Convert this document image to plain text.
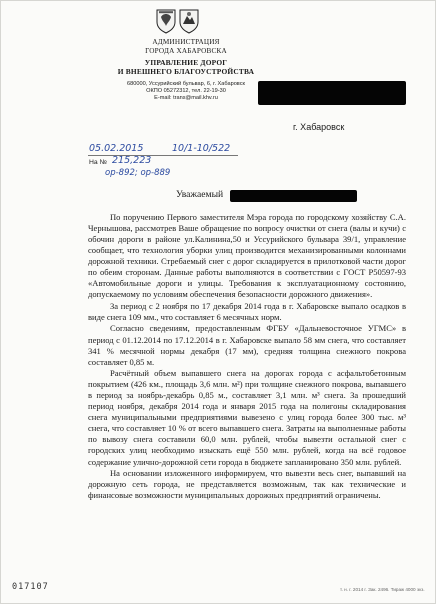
АДМИНИСТРАЦИЯ
ГОРОДА ХАБАРОВСКА
УПРАВЛЕНИЕ ДОРОГ
И ВНЕШНЕГО БЛАГОУСТРОЙСТВА
680000, Уссурийский бульвар, 6, г. Хабаровск
ОКПО 05272312, тел. 22-19-30
E-mail: trans@mail.khv.ru
г. Хабаровск
05.02.2015	10/1-10/522
На № 215,223
ор-892; ор-889
Уважаемый

По поручению Первого заместителя Мэра города по городскому хозяйству С.А. Чернышова, рассмотрев Ваше обращение по вопросу очистки от снега (валы и кучи) с обочин дороги в районе ул.Калинина,50 и Уссурийского бульвара 39/1, управление сообщает, что технология уборки улиц производится механизированными колоннами дорожной техники. Стребаемый снег с дорог складируется в прилотковой части дорог по обеим сторонам. Данные работы выполняются в соответствии с ГОСТ Р50597-93 «Автомобильные дороги и улицы. Требования к эксплуатационному состоянию, допускаемому по условиям обеспечения безопасности дорожного движения».

За период с 2 ноября по 17 декабря 2014 года в г. Хабаровске выпало осадков в виде снега 109 мм., что составляет 6 месячных норм.

Согласно сведениям, предоставленным ФГБУ «Дальневосточное УГМС» в период с 01.12.2014 по 17.12.2014 в г. Хабаровске выпало 58 мм снега, что составляет 341 % месячной нормы декабря (17 мм), средняя толщина снежного покрова составляет 0,85 м.

Расчётный объем выпавшего снега на дорогах города с асфальтобетонным покрытием (426 км., площадь 3,6 млн. м²) при толщине снежного покрова, выпавшего в период за ноябрь-декабрь 0,85 м., составляет 3,1 млн. м³ снега. За прошедший период ноября, декабря 2014 года и января 2015 года на полигоны складирования снега муниципальными предприятиями вывезено с улиц города более 300 тыс. м³ снега, что составляет 10 % от всего выпавшего снега. Затраты на выполненные работы по вывозу снега составили 60,0 млн. рублей, чтобы вывезти остальной снег с городских улиц необходимо изыскать ещё 550 млн. рублей, когда на всё годовое содержание улично-дорожной сети города в бюджете запланировано 350 млн. рублей.

На основании изложенного информируем, что вывезти весь снег, выпавший на дорожную сеть города, не представляется возможным, так как технические и финансовые возможности муниципальных дорожных предприятий ограничены.

017107	т. н. г. 2014 г. Зак. 2496. Тираж 4000 экз.
